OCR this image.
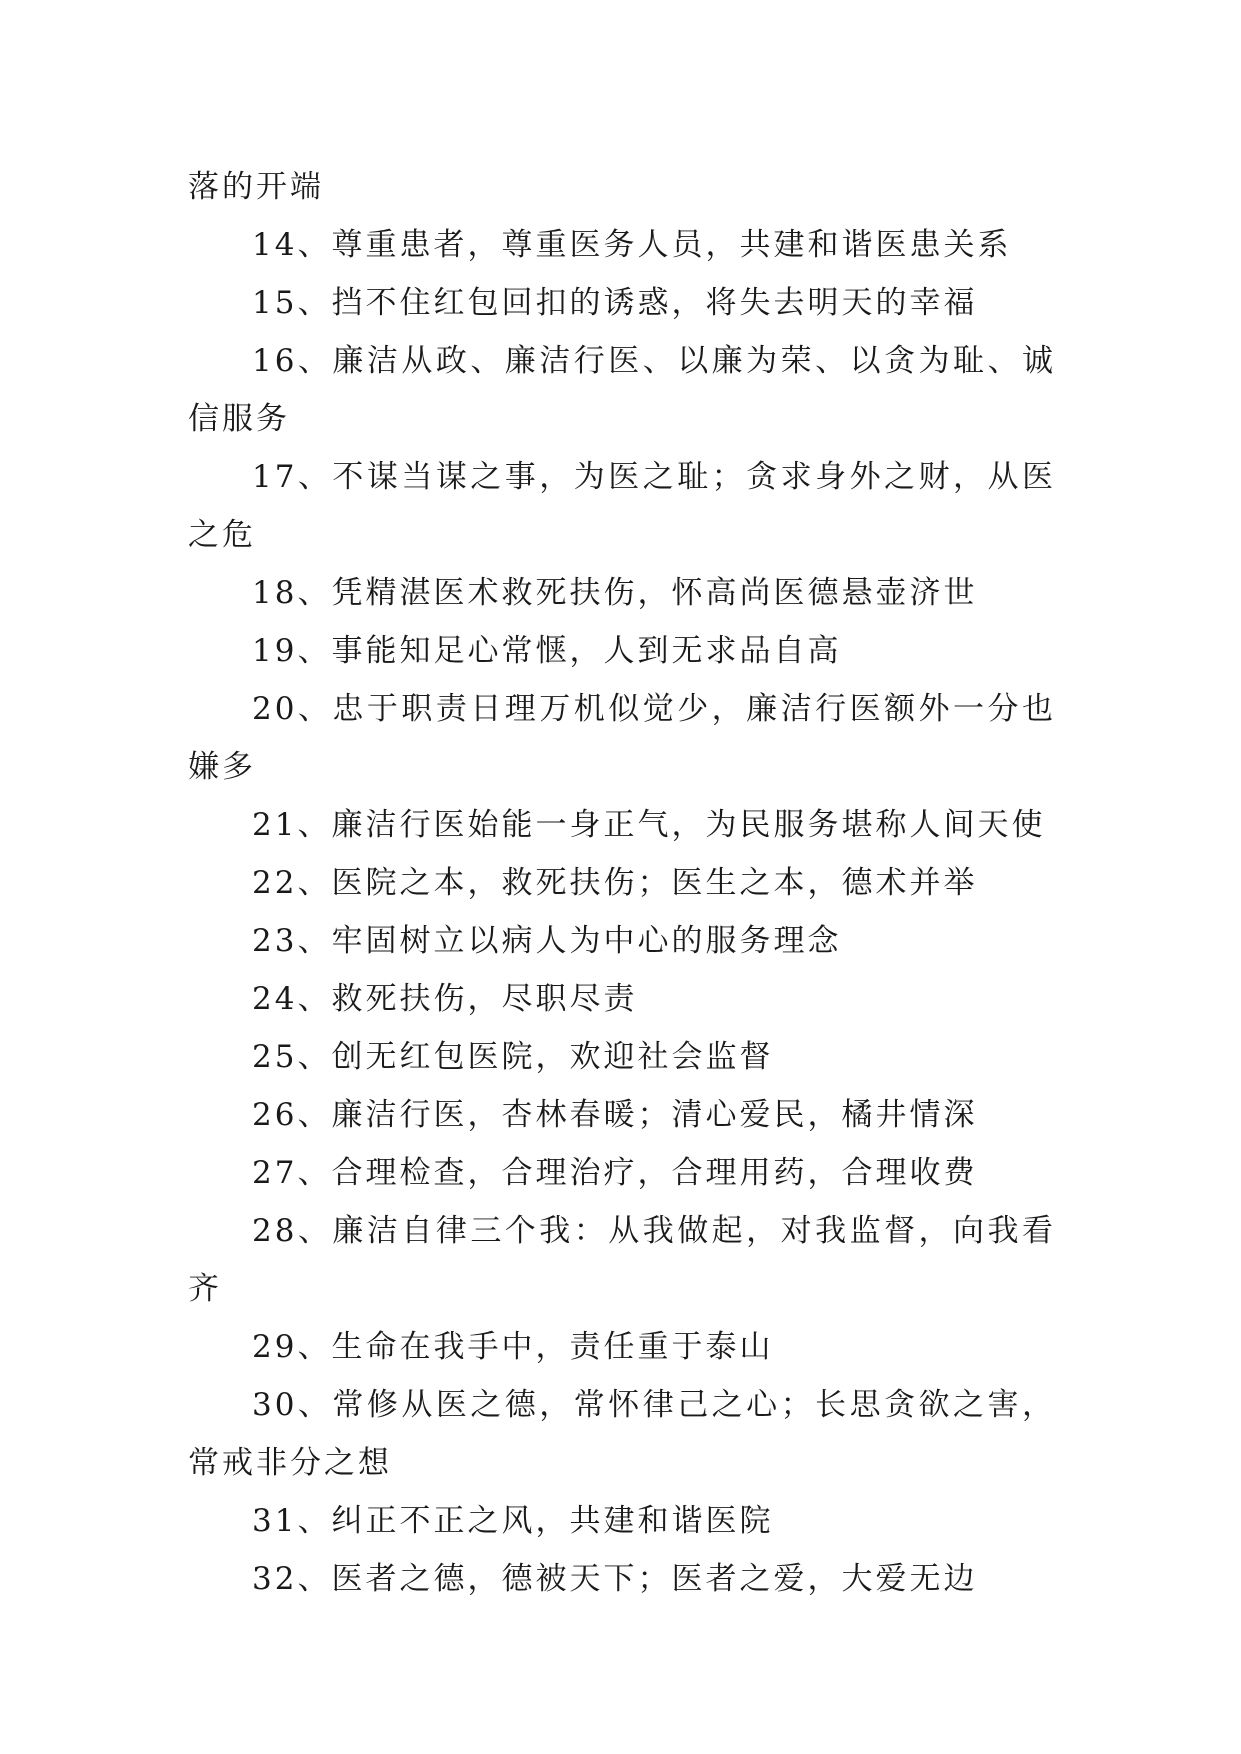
落的开端

14、尊重患者，尊重医务人员，共建和谐医患关系

15、挡不住红包回扣的诱惑，将失去明天的幸福

16、廉洁从政、廉洁行医、以廉为荣、以贪为耻、诚信服务

17、不谋当谋之事，为医之耻；贪求身外之财，从医之危

18、凭精湛医术救死扶伤，怀高尚医德悬壶济世

19、事能知足心常惬，人到无求品自高

20、忠于职责日理万机似觉少，廉洁行医额外一分也嫌多

21、廉洁行医始能一身正气，为民服务堪称人间天使

22、医院之本，救死扶伤；医生之本，德术并举

23、牢固树立以病人为中心的服务理念

24、救死扶伤，尽职尽责

25、创无红包医院，欢迎社会监督

26、廉洁行医，杏林春暖；清心爱民，橘井情深

27、合理检查，合理治疗，合理用药，合理收费

28、廉洁自律三个我：从我做起，对我监督，向我看齐

29、生命在我手中，责任重于泰山

30、常修从医之德，常怀律己之心；长思贪欲之害，常戒非分之想

31、纠正不正之风，共建和谐医院

32、医者之德，德被天下；医者之爱，大爱无边
